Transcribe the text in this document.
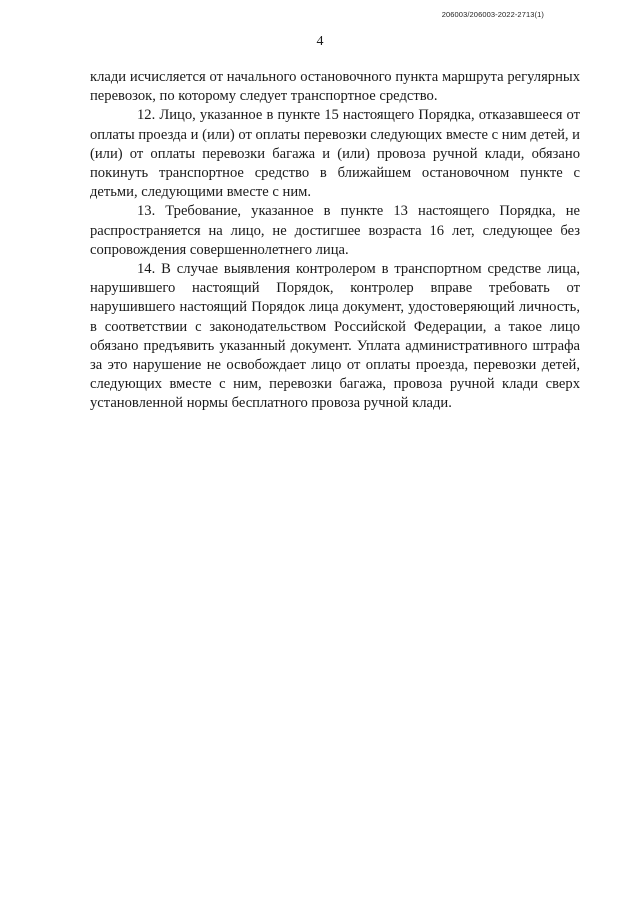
206003/206003-2022-2713(1)
4

клади исчисляется от начального остановочного пункта маршрута регулярных перевозок, по которому следует транспортное средство.

12. Лицо, указанное в пункте 15 настоящего Порядка, отказавшееся от оплаты проезда и (или) от оплаты перевозки следующих вместе с ним детей, и (или) от оплаты перевозки багажа и (или) провоза ручной клади, обязано покинуть транспортное средство в ближайшем остановочном пункте с детьми, следующими вместе с ним.

13. Требование, указанное в пункте 13 настоящего Порядка, не распространяется на лицо, не достигшее возраста 16 лет, следующее без сопровождения совершеннолетнего лица.

14. В случае выявления контролером в транспортном средстве лица, нарушившего настоящий Порядок, контролер вправе требовать от нарушившего настоящий Порядок лица документ, удостоверяющий личность, в соответствии с законодательством Российской Федерации, а такое лицо обязано предъявить указанный документ. Уплата административного штрафа за это нарушение не освобождает лицо от оплаты проезда, перевозки детей, следующих вместе с ним, перевозки багажа, провоза ручной клади сверх установленной нормы бесплатного провоза ручной клади.
